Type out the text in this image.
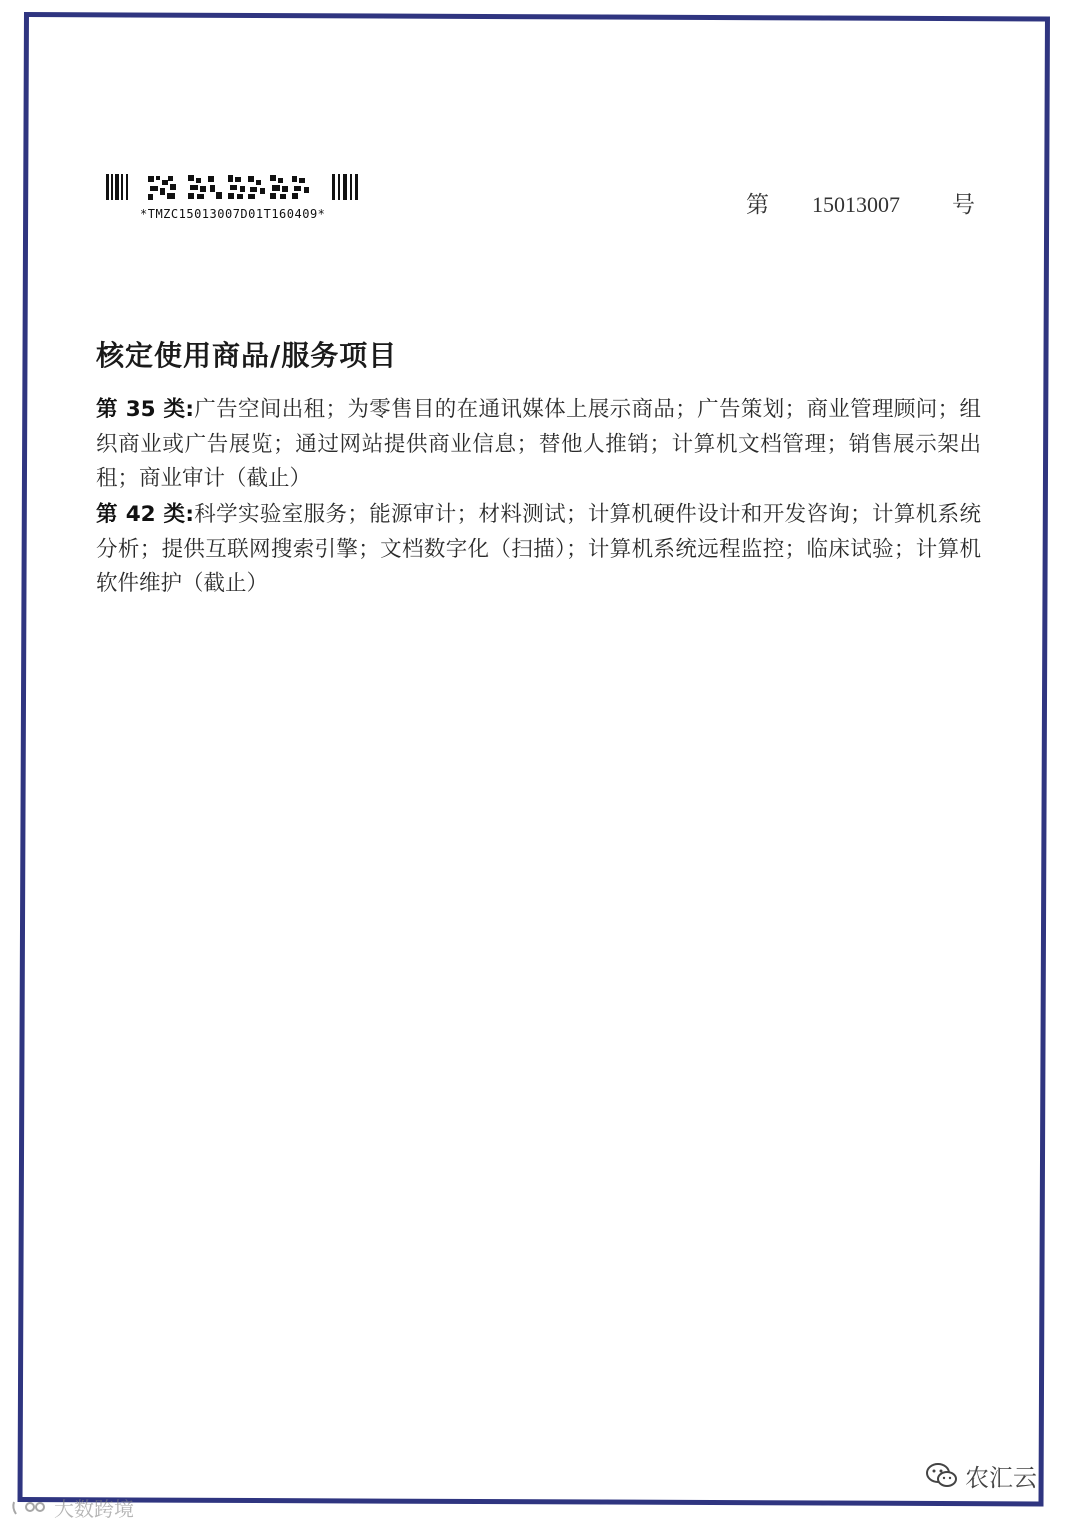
*TMZC15013007D01T160409*	第 15013007 号
核定使用商品/服务项目
第 35 类:广告空间出租；为零售目的在通讯媒体上展示商品；广告策划；商业管理顾问；组织商业或广告展览；通过网站提供商业信息；替他人推销；计算机文档管理；销售展示架出租；商业审计（截止）
第 42 类:科学实验室服务；能源审计；材料测试；计算机硬件设计和开发咨询；计算机系统分析；提供互联网搜索引擎；文档数字化（扫描）；计算机系统远程监控；临床试验；计算机软件维护（截止）
大数跨境
农汇云
